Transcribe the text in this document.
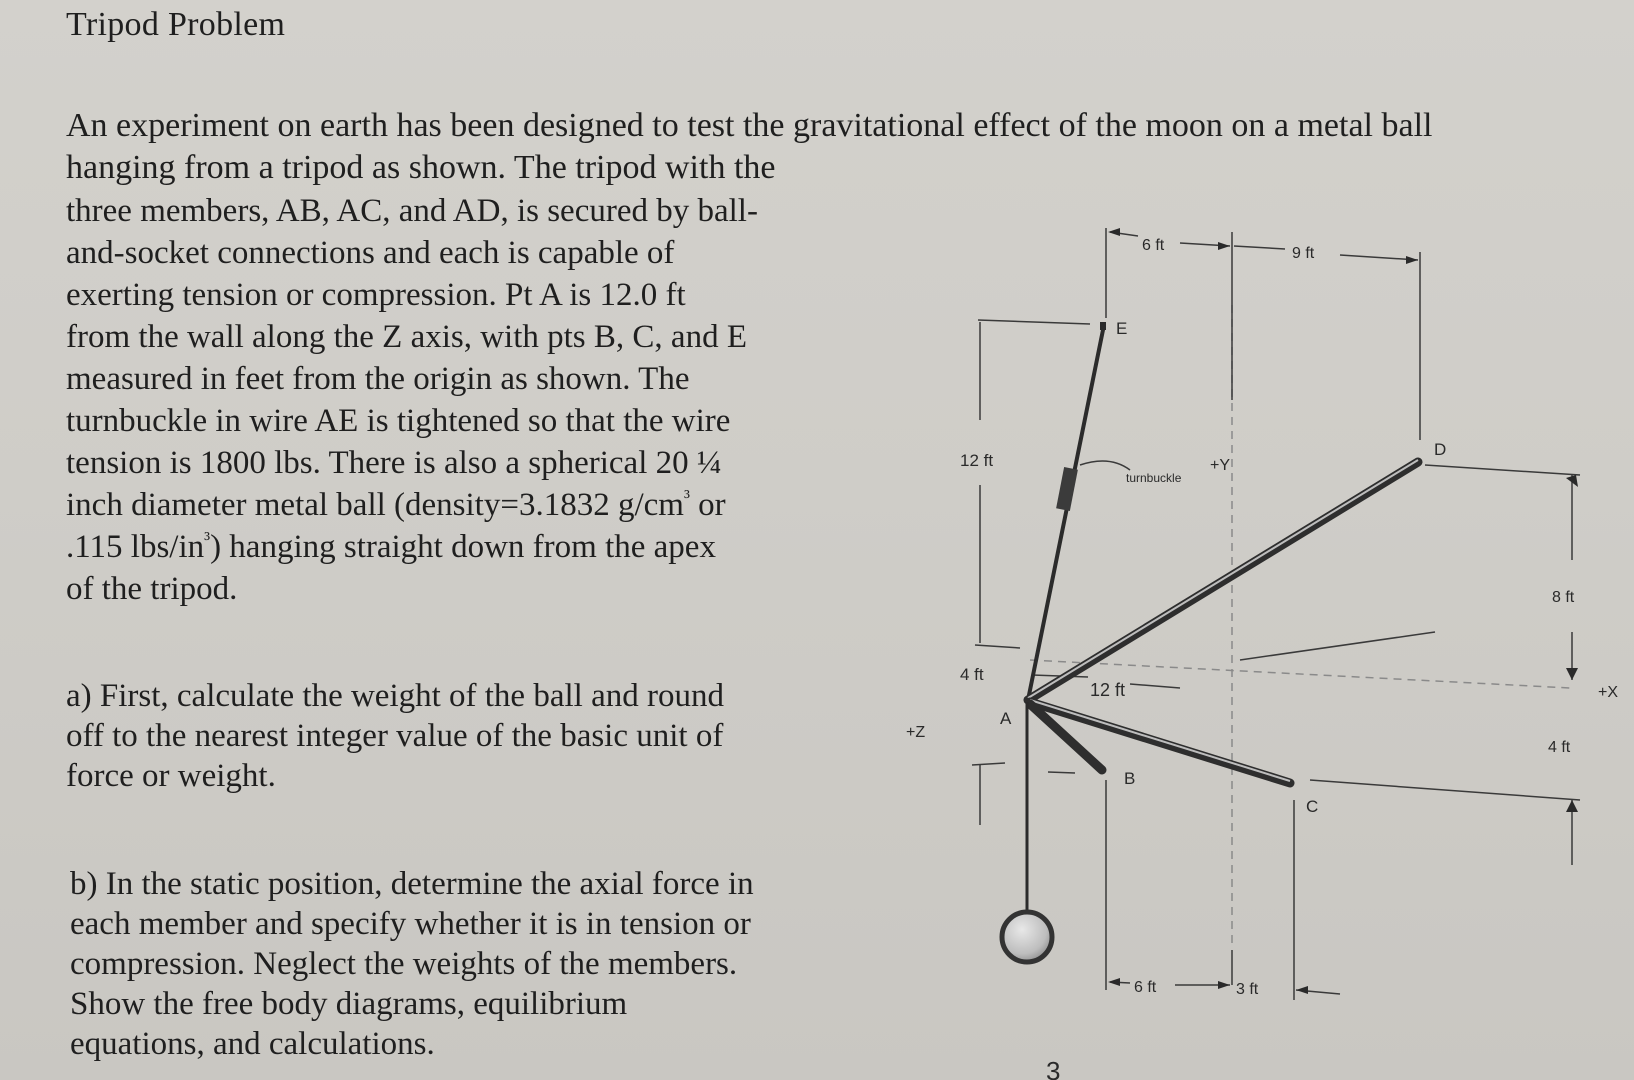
Tripod Problem
An experiment on earth has been designed to test the gravitational effect of the moon on a metal ball
hanging from a tripod as shown. The tripod with the
three members, AB, AC, and AD, is secured by ball-
and-socket connections and each is capable of
exerting tension or compression. Pt A is 12.0 ft
from the wall along the Z axis, with pts B, C, and E
measured in feet from the origin as shown. The
turnbuckle in wire AE is tightened so that the wire
tension is 1800 lbs. There is also a spherical 20 ¼
inch diameter metal ball (density=3.1832 $g/cm^{^3}$ or
.115 lbs/$in^{^3}$) hanging straight down from the apex
of the tripod.
a) First, calculate the weight of the ball and round
off to the nearest integer value of the basic unit of
force or weight.
b) In the static position, determine the axial force in
each member and specify whether it is in tension or
compression. Neglect the weights of the members.
Show the free body diagrams, equilibrium
equations, and calculations.
E
D
A
B
C
+Y
+X
+Z
turnbuckle
6 ft	9 ft
12 ft
4 ft
12 ft
8 ft
4 ft
6 ft	3 ft
3
